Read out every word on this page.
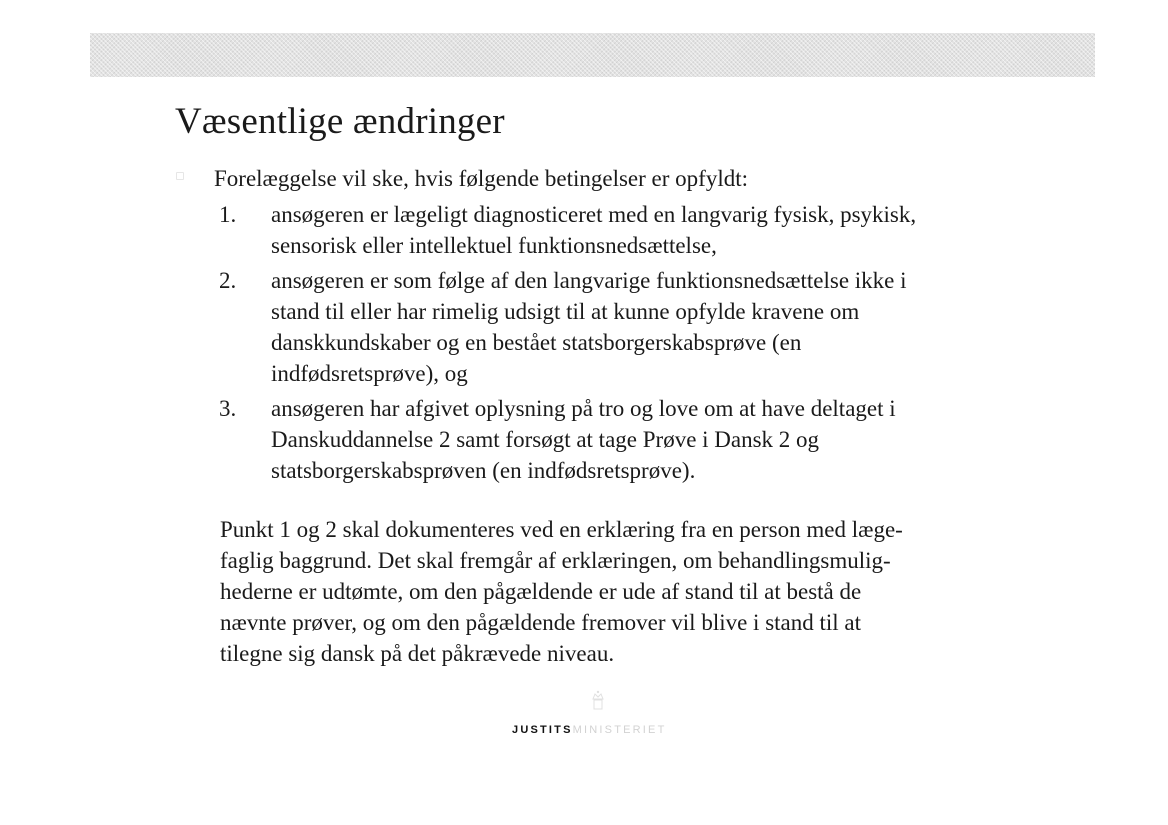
Væsentlige ændringer
Forelæggelse vil ske, hvis følgende betingelser er opfyldt:
1. ansøgeren er lægeligt diagnosticeret med en langvarig fysisk, psykisk,
sensorisk eller intellektuel funktionsnedsættelse,
2. ansøgeren er som følge af den langvarige funktionsnedsættelse ikke i
stand til eller har rimelig udsigt til at kunne opfylde kravene om
danskkundskaber og en bestået statsborgerskabsprøve (en
indfødsretsprøve), og
3. ansøgeren har afgivet oplysning på tro og love om at have deltaget i
Danskuddannelse 2 samt forsøgt at tage Prøve i Dansk 2 og
statsborgerskabsprøven (en indfødsretsprøve).
Punkt 1 og 2 skal dokumenteres ved en erklæring fra en person med læge-
faglig baggrund. Det skal fremgår af erklæringen, om behandlingsmulig-
hederne er udtømte, om den pågældende er ude af stand til at bestå de
nævnte prøver, og om den pågældende fremover vil blive i stand til at
tilegne sig dansk på det påkrævede niveau.
JUSTITSMINISTERIET
